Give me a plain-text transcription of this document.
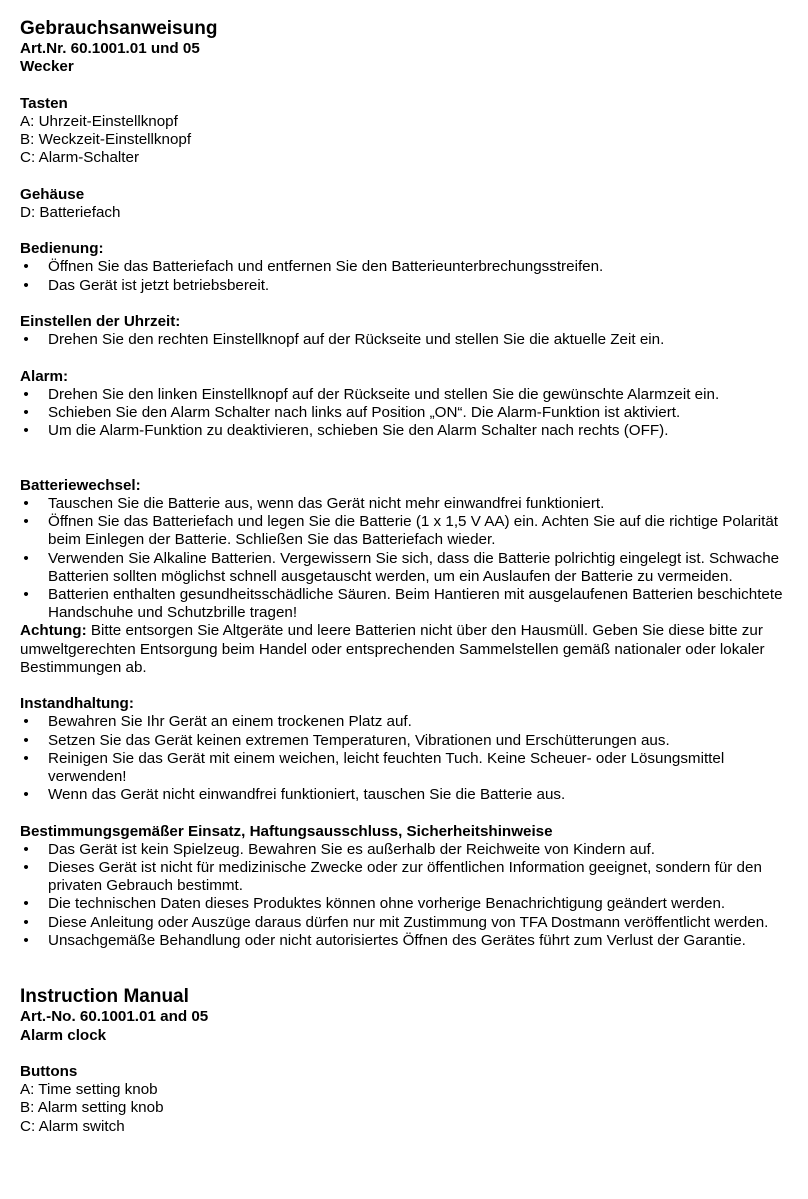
Gebrauchsanweisung

Art.Nr. 60.1001.01 und 05

Wecker

Tasten

A: Uhrzeit-Einstellknopf

B: Weckzeit-Einstellknopf

C: Alarm-Schalter

Gehäuse

D: Batteriefach

Bedienung:

• Öffnen Sie das Batteriefach und entfernen Sie den Batterieunterbrechungsstreifen.
• Das Gerät ist jetzt betriebsbereit.

Einstellen der Uhrzeit:

• Drehen Sie den rechten Einstellknopf auf der Rückseite und stellen Sie die aktuelle Zeit ein.

Alarm:

• Drehen Sie den linken Einstellknopf auf der Rückseite und stellen Sie die gewünschte Alarmzeit ein.
• Schieben Sie den Alarm Schalter nach links auf Position „ON“. Die Alarm-Funktion ist aktiviert.
• Um die Alarm-Funktion zu deaktivieren, schieben Sie den Alarm Schalter nach rechts (OFF).

Batteriewechsel:

• Tauschen Sie die Batterie aus, wenn das Gerät nicht mehr einwandfrei funktioniert.
• Öffnen Sie das Batteriefach und legen Sie die Batterie (1 x 1,5 V AA) ein. Achten Sie auf die richtige Polarität beim Einlegen der Batterie. Schließen Sie das Batteriefach wieder.
• Verwenden Sie Alkaline Batterien. Vergewissern Sie sich, dass die Batterie polrichtig eingelegt ist. Schwache Batterien sollten möglichst schnell ausgetauscht werden, um ein Auslaufen der Batterie zu vermeiden.
• Batterien enthalten gesundheitsschädliche Säuren. Beim Hantieren mit ausgelaufenen Batterien beschichtete Handschuhe und Schutzbrille tragen!

Achtung: Bitte entsorgen Sie Altgeräte und leere Batterien nicht über den Hausmüll. Geben Sie diese bitte zur umweltgerechten Entsorgung beim Handel oder entsprechenden Sammelstellen gemäß nationaler oder lokaler Bestimmungen ab.

Instandhaltung:

• Bewahren Sie Ihr Gerät an einem trockenen Platz auf.
• Setzen Sie das Gerät keinen extremen Temperaturen, Vibrationen und Erschütterungen aus.
• Reinigen Sie das Gerät mit einem weichen, leicht feuchten Tuch. Keine Scheuer- oder Lösungsmittel verwenden!
• Wenn das Gerät nicht einwandfrei funktioniert, tauschen Sie die Batterie aus.

Bestimmungsgemäßer Einsatz, Haftungsausschluss, Sicherheitshinweise

• Das Gerät ist kein Spielzeug. Bewahren Sie es außerhalb der Reichweite von Kindern auf.
• Dieses Gerät ist nicht für medizinische Zwecke oder zur öffentlichen Information geeignet, sondern für den privaten Gebrauch bestimmt.
• Die technischen Daten dieses Produktes können ohne vorherige Benachrichtigung geändert werden.
• Diese Anleitung oder Auszüge daraus dürfen nur mit Zustimmung von TFA Dostmann veröffentlicht werden.
• Unsachgemäße Behandlung oder nicht autorisiertes Öffnen des Gerätes führt zum Verlust der Garantie.

Instruction Manual

Art.-No. 60.1001.01 and 05

Alarm clock

Buttons

A: Time setting knob

B: Alarm setting knob

C: Alarm switch
